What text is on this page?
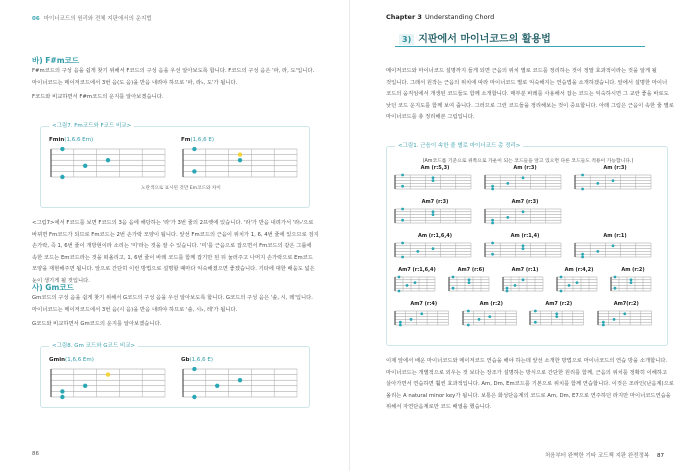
06 마이너코드의 원리와 전체 지판에서의 운지법
바) F#m코드
F#m코드의 구성 음을 쉽게 찾기 위해서 F코드의 구성 음을 우선 알아보도록 합니다. F코드의 구성 음은 '파, 라, 도'입니다. 마이너코드는 메이저코드에서 3번 음(도 음)을 반음 내려야 하므로 '파, 라♭, 도'가 됩니다.
F코드와 비교하면서 F#m코드의 운지를 알아보겠습니다.
<그림7. Fm코드와 F코드 비교>
Fmin(1,6,6 Em)	Fm(1,6,6 E)
노란색으로 표시된 것만 Em코드와 차이
<그림7>에서 F코드를 보면 F코드의 3음 음에 해당하는 '라'가 3번 줄의 2프렛에 있습니다. '라'가 반음 내려가서 '라♭'으로 바뀌면 Fm코드가 되므로 Fm코드는 2번 손가락 모양이 됩니다. 앞선 Fm코드의 근음이 위치가 1, 6, 4번 줄에 있으므로 검지 손가락, 즉 1, 6번 줄이 개방현이라 소리는 '미'라는 것을 잘 수 있습니다. '미'를 근음으로 잡으면서 Fm코드의 같은 그룹에 속한 코드는 Em코드라는 것을 떠올리고, 1, 6번 줄이 바레 코드를 함께 잡기만 된 뒤 눌러주고 나머지 손가락으로 Em코드 모양을 재현해주면 됩니다. 앞으로 간단히 이런 방법으로 설명할 때마다 익숙해졌으면 좋겠습니다. 기타에 대한 배움도 넓은 눈이 생기게 될 것입니다.
사) Gm코드
Gm코드의 구성 음을 쉽게 찾기 위해서 G코드의 구성 음을 우선 알아보도록 합니다. G코드의 구성 음은 '솔, 시, 레'입니다. 마이너코드는 메이저코드에서 3번 음(시 음)을 반음 내려야 하므로 '솔, 시♭, 레'가 됩니다.
G코드와 비교하면서 Gm코드의 운지를 알아보겠습니다.
<그림8. Gm 코드와 G코드 비교>
Gmin(1,6,6 Em)	Gb(1,6,6 E)
86
Chapter 3 Understanding Chord
3) 지판에서 마이너코드의 활용법
메이저코드와 마이너코드 설명까지 들게 되면 근음의 위치 별로 코드를 정리하는 것이 정말 효과적이라는 것을 알게 될 것입니다. 그래서 원작는 근음의 위치에 따라 마이너코드 별로 익숙해지는 연습법을 소개하겠습니다. 앞에서 설명한 마이너 코드의 움직임에서 개생된 코드들도 함께 소개합니다. 매부분 바레를 사용해서 잡는 코드는 익숙하시면 그 교란 좋을 바로도 낮던 코드 운지도를 함께 보여 줍니다. 그러므로 그런 코드들을 정리해보는 것이 중요합니다. 아래 그림은 근음이 속한 줄 별로 마이너코드를 총 정리해본 그림입니다.
<그림1. 근음이 속한 줄 별로 마이너코드 총 정리>
(Am코드를 기준으로 위쪽으로 가운이 되는 코드들을 앞고 있으면 다른 코드들도 적용이 가능합니다.)
Am (r:5,3)	Am (r:3)	Am (r:3)
Am7 (r:3)	Am7 (r:3)
Am (r:1,6,4)	Am (r:1,4)	Am (r:1)
Am7 (r:1,6,4)	Am7 (r:6)	Am7 (r:1)	Am (r:4,2)	Am (r:2)
Am7 (r:4)	Am (r:2)	Am7 (r:2)	Am7(r:2)
이제 앞에서 배운 마이너코드와 메이저코드 연습을 해야 하는데 앞선 소개한 방법으로 마이너코드의 연습 방을 소개합니다. 마이너코드는 개별적으로 외우는 것 보다는 장조가 설명하는 방식으로 간단한 원리를 함께, 근음의 위치를 정확히 이해하고 살아가면서 연습하면 훨씬 효과적입니다. Am, Dm, Em코드를 기본으로 위치를 함께 연습합니다. 이것은 조라인(난음계)으로 올리는 A natural minor key가 됩니다. 보통은 화성단음계의 코드로 Am, Dm, E7으로 연주하던 라지만 마이너코드연습을 위해서 자연단음계로만 코드 배열을 했습니다.
처음부터 완벽한 기타 코드책 지판 완전정복 87
